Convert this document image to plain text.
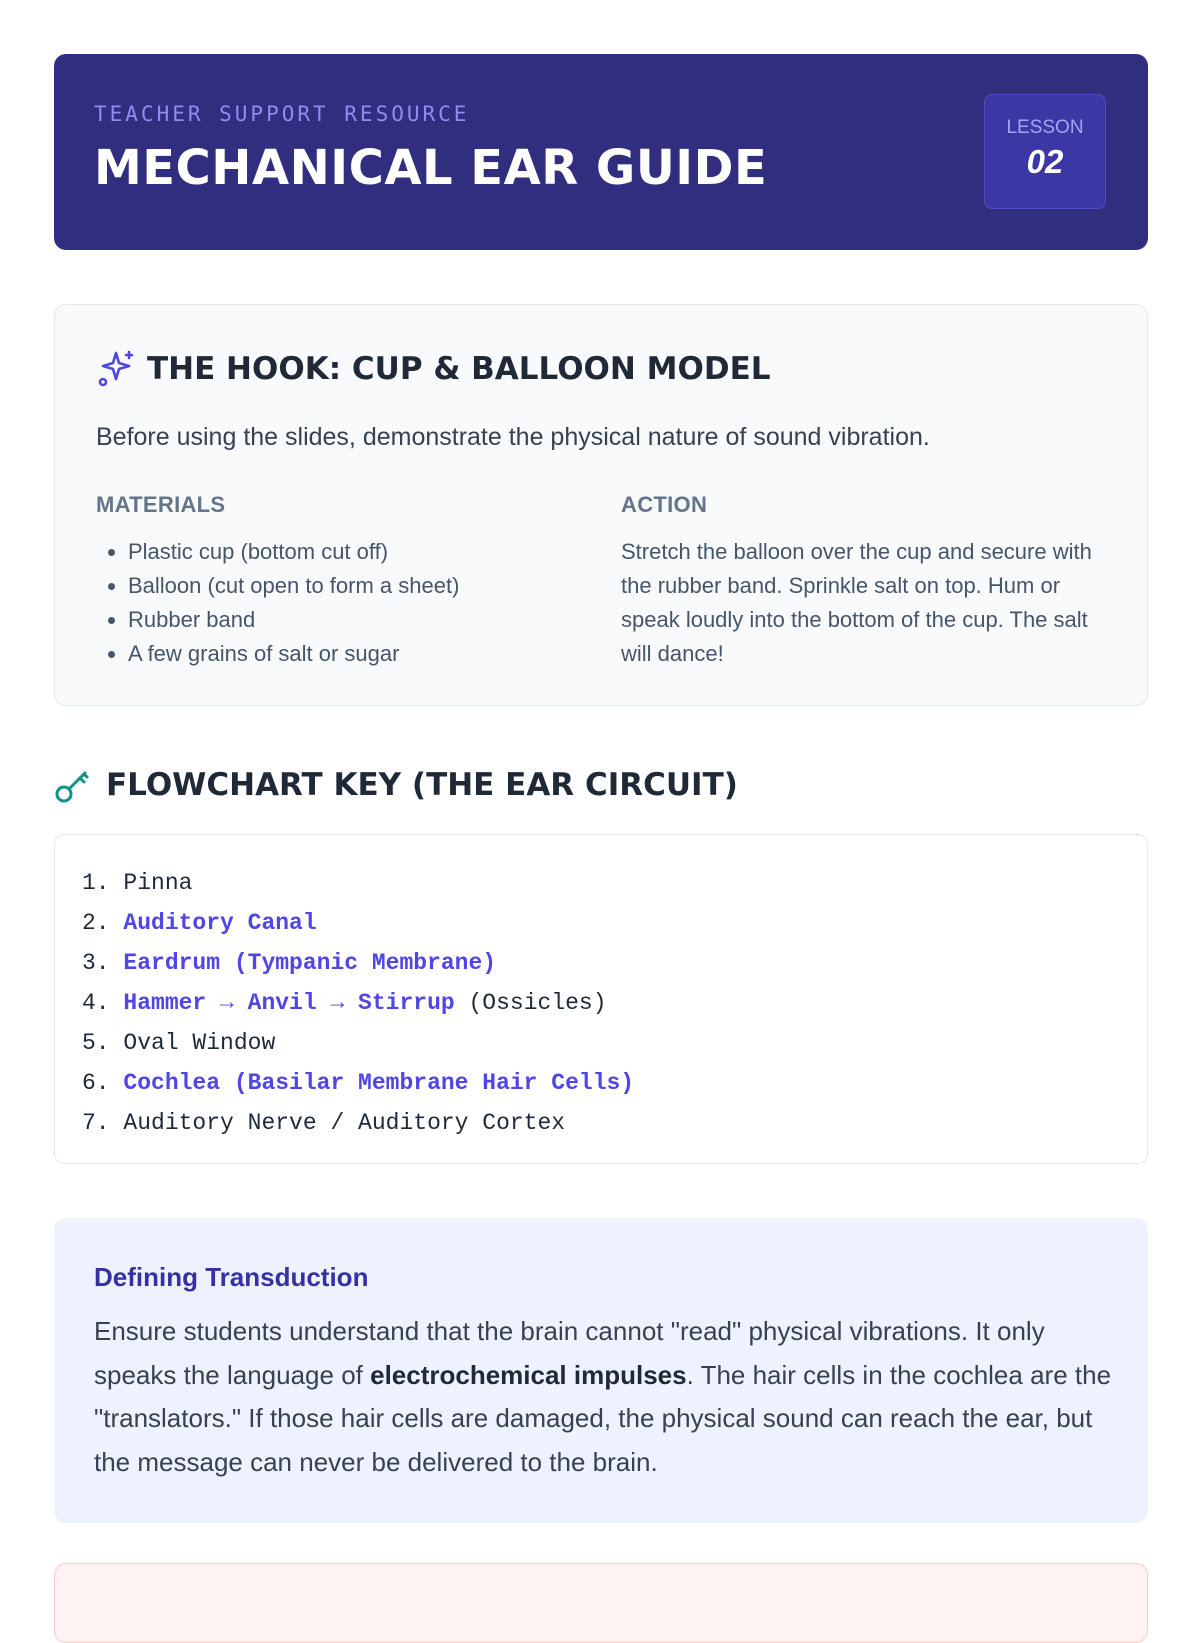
TEACHER SUPPORT RESOURCE
MECHANICAL EAR GUIDE
LESSON
02
THE HOOK: CUP & BALLOON MODEL
Before using the slides, demonstrate the physical nature of sound vibration.
MATERIALS
• Plastic cup (bottom cut off)
• Balloon (cut open to form a sheet)
• Rubber band
• A few grains of salt or sugar
ACTION

Stretch the balloon over the cup and secure with the rubber band. Sprinkle salt on top. Hum or speak loudly into the bottom of the cup. The salt will dance!

FLOWCHART KEY (THE EAR CIRCUIT)
1. Pinna
2. Auditory Canal
3. Eardrum (Tympanic Membrane)
4. Hammer → Anvil → Stirrup (Ossicles)
5. Oval Window
6. Cochlea (Basilar Membrane Hair Cells)
7. Auditory Nerve / Auditory Cortex
Defining Transduction

Ensure students understand that the brain cannot "read" physical vibrations. It only speaks the language of electrochemical impulses. The hair cells in the cochlea are the "translators." If those hair cells are damaged, the physical sound can reach the ear, but the message can never be delivered to the brain.
